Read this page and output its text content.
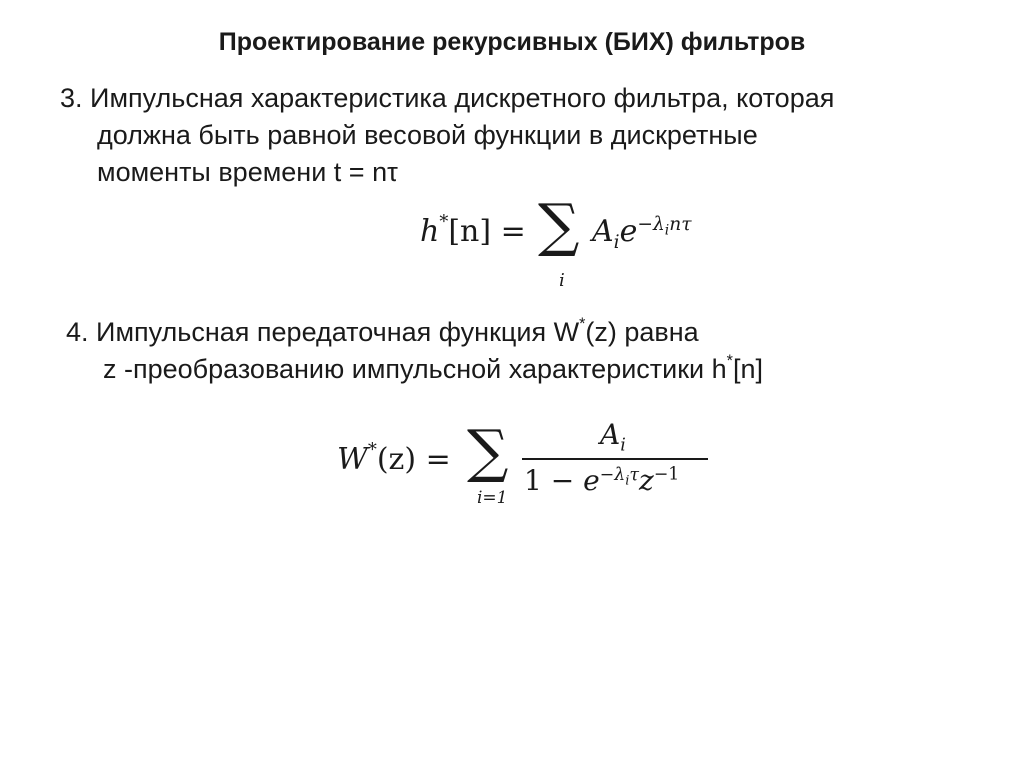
Проектирование рекурсивных (БИХ) фильтров
3. Импульсная характеристика дискретного фильтра, которая
должна быть равной весовой функции в дискретные
моменты времени t = nτ
h*[n] = ∑
i
$A_ie^{-\lambda_in\tau}$
4. Импульсная передаточная функция W*(z) равна
z -преобразованию импульсной характеристики h*[n]
W*(z) = ∑
i=1
$A_i$
$1 - e^{-\lambda_i\tau}z^{-1}$
